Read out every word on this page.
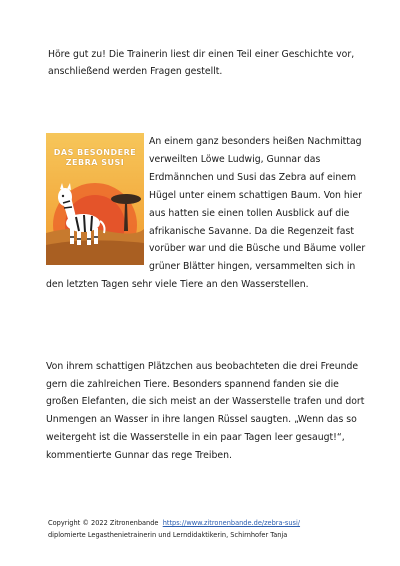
Höre gut zu! Die Trainerin liest dir einen Teil einer Geschichte vor, anschließend werden Fragen gestellt.

DAS BESONDERE
ZEBRA SUSI

An einem ganz besonders heißen Nachmittag verweilten Löwe Ludwig, Gunnar das Erdmännchen und Susi das Zebra auf einem Hügel unter einem schattigen Baum. Von hier aus hatten sie einen tollen Ausblick auf die afrikanische Savanne. Da die Regenzeit fast vorüber war und die Büsche und Bäume voller grüner Blätter hingen, versammelten sich in den letzten Tagen sehr viele Tiere an den Wasserstellen.

Von ihrem schattigen Plätzchen aus beobachteten die drei Freunde gern die zahlreichen Tiere. Besonders spannend fanden sie die großen Elefanten, die sich meist an der Wasserstelle trafen und dort Unmengen an Wasser in ihre langen Rüssel saugten. „Wenn das so weitergeht ist die Wasserstelle in ein paar Tagen leer gesaugt!“, kommentierte Gunnar das rege Treiben.

Copyright © 2022 Zitronenbande https://www.zitronenbande.de/zebra-susi/
diplomierte Legasthenietrainerin und Lerndidaktikerin, Schirnhofer Tanja
